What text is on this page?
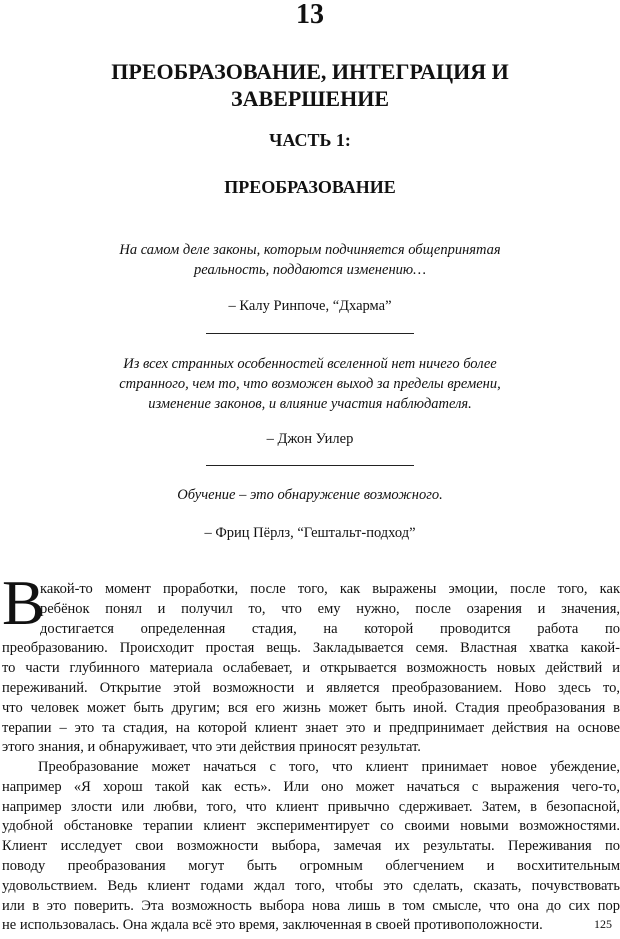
13
ПРЕОБРАЗОВАНИЕ, ИНТЕГРАЦИЯ И ЗАВЕРШЕНИЕ
ЧАСТЬ 1:
ПРЕОБРАЗОВАНИЕ
На самом деле законы, которым подчиняется общепринятая
реальность, поддаются изменению…
– Калу Ринпоче, “Дхарма”
Из всех странных особенностей вселенной нет ничего более
странного, чем то, что возможен выход за пределы времени,
изменение законов, и влияние участия наблюдателя.
– Джон Уилер
Обучение – это обнаружение возможного.
– Фриц Пёрлз, “Гештальт-подход”
В
какой-то момент проработки, после того, как выражены эмоции, после того, как
ребёнок понял и получил то, что ему нужно, после озарения и значения,
достигается определенная стадия, на которой проводится работа по
преобразованию. Происходит простая вещь. Закладывается семя. Властная хватка какой-
то части глубинного материала ослабевает, и открывается возможность новых действий и
переживаний. Открытие этой возможности и является преобразованием. Ново здесь то,
что человек может быть другим; вся его жизнь может быть иной. Стадия преобразования в
терапии – это та стадия, на которой клиент знает это и предпринимает действия на основе
этого знания, и обнаруживает, что эти действия приносят результат.
Преобразование может начаться с того, что клиент принимает новое убеждение,
например «Я хорош такой как есть». Или оно может начаться с выражения чего-то,
например злости или любви, того, что клиент привычно сдерживает. Затем, в безопасной,
удобной обстановке терапии клиент экспериментирует со своими новыми возможностями.
Клиент исследует свои возможности выбора, замечая их результаты. Переживания по
поводу преобразования могут быть огромным облегчением и восхитительным
удовольствием. Ведь клиент годами ждал того, чтобы это сделать, сказать, почувствовать
или в это поверить. Эта возможность выбора нова лишь в том смысле, что она до сих пор
не использовалась. Она ждала всё это время, заключенная в своей противоположности.	125
